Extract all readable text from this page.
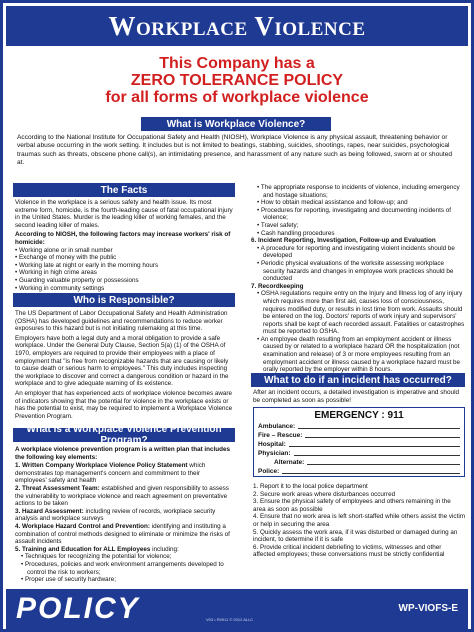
Workplace Violence
This Company has a
ZERO TOLERANCE POLICY
for all forms of workplace violence
What is Workplace Violence?

According to the National Institute for Occupational Safety and Health (NIOSH), Workplace Violence is any physical assault, threatening behavior or verbal abuse occurring in the work setting. It includes but is not limited to beatings, stabbing, suicides, shootings, rapes, near suicides, psychological traumas such as threats, obscene phone call(s), an intimidating presence, and harassment of any nature such as being followed, sworn at or shouted at.

The Facts

Violence in the workplace is a serious safety and health issue. Its most extreme form, homicide, is the fourth-leading cause of fatal occupational injury in the United States. Murder is the leading killer of working females, and the second leading killer of males.

According to NIOSH, the following factors may increase workers' risk of homicide:

• Working alone or in small number
• Exchange of money with the public
• Working late at night or early in the morning hours
• Working in high crime areas
• Guarding valuable property or possessions
• Working in community settings
Who is Responsible?

The US Department of Labor Occupational Safety and Health Administration (OSHA) has developed guidelines and recommendations to reduce worker exposures to this hazard but is not initiating rulemaking at this time.

Employers have both a legal duty and a moral obligation to provide a safe workplace. Under the General Duty Clause, Section 5(a) (1) of the OSHA of 1970, employers are required to provide their employees with a place of employment that "is free from recognizable hazards that are causing or likely to cause death or serious harm to employees." This duty includes inspecting the workplace to discover and correct a dangerous condition or hazard in the workplace and to give adequate warning of its existence.

An employer that has experienced acts of workplace violence becomes aware of indicators showing that the potential for violence in the workplace exists or has the potential to exist, may be required to implement a Workplace Violence Prevention Program.

What is a Workplace Violence Prevention Program?

A workplace violence prevention program is a written plan that includes the following key elements:

1. Written Company Workplace Violence Policy Statement which demonstrates top management's concern and commitment to their employees' safety and health
2. Threat Assessment Team: established and given responsibility to assess the vulnerability to workplace violence and reach agreement on preventative actions to be taken
3. Hazard Assessment: including review of records, workplace security analysis and workplace surveys
4. Workplace Hazard Control and Prevention: identifying and instituting a combination of control methods designed to eliminate or minimize the risks of assault incidents
5. Training and Education for ALL Employees including:
• Techniques for recognizing the potential for violence;
• Procedures, policies and work environment arrangements developed to control the risk to workers;
• Proper use of security hardware;
• The appropriate response to incidents of violence, including emergency and hostage situations;
• How to obtain medical assistance and follow-up; and
• Procedures for reporting, investigating and documenting incidents of violence;
• Travel safety;
• Cash handling procedures
6. Incident Reporting, Investigation, Follow-up and Evaluation
• A procedure for reporting and investigating violent incidents should be developed
• Periodic physical evaluations of the worksite assessing workplace security hazards and changes in employee work practices should be conducted
7. Recordkeeping
• OSHA regulations require entry on the Injury and Illness log of any injury which requires more than first aid, causes loss of consciousness, requires modified duty, or results in lost time from work. Assaults should be entered on the log. Doctors' reports of work injury and supervisors' reports shall be kept of each recorded assault. Fatalities or catastrophes must be reported to OSHA.
• An employee death resulting from an employment accident or illness caused by or related to a workplace hazard OR the hospitalization (not examination and release) of 3 or more employees resulting from an employment accident or illness caused by a workplace hazard must be orally reported by the employer within 8 hours.
What to do if an incident has occurred?

After an incident occurs, a detailed investigation is imperative and should be completed as soon as possible!

EMERGENCY : 911
Ambulance:
Fire – Rescue:
Hospital:
Physician:
Alternate:
Police:
1. Report it to the local police department
2. Secure work areas where disturbances occurred
3. Ensure the physical safety of employees and others remaining in the area as soon as possible
4. Ensure that no work area is left short-staffed while others assist the victim or help in securing the area
5. Quickly assess the work area, if it was disturbed or damaged during an incident, to determine if it is safe
6. Provide critical incident debriefing to victims, witnesses and other affected employees; these conversations must be strictly confidential
POLICY	V03 • R0911 © 2012 ALLC
WP-VIOFS-E
